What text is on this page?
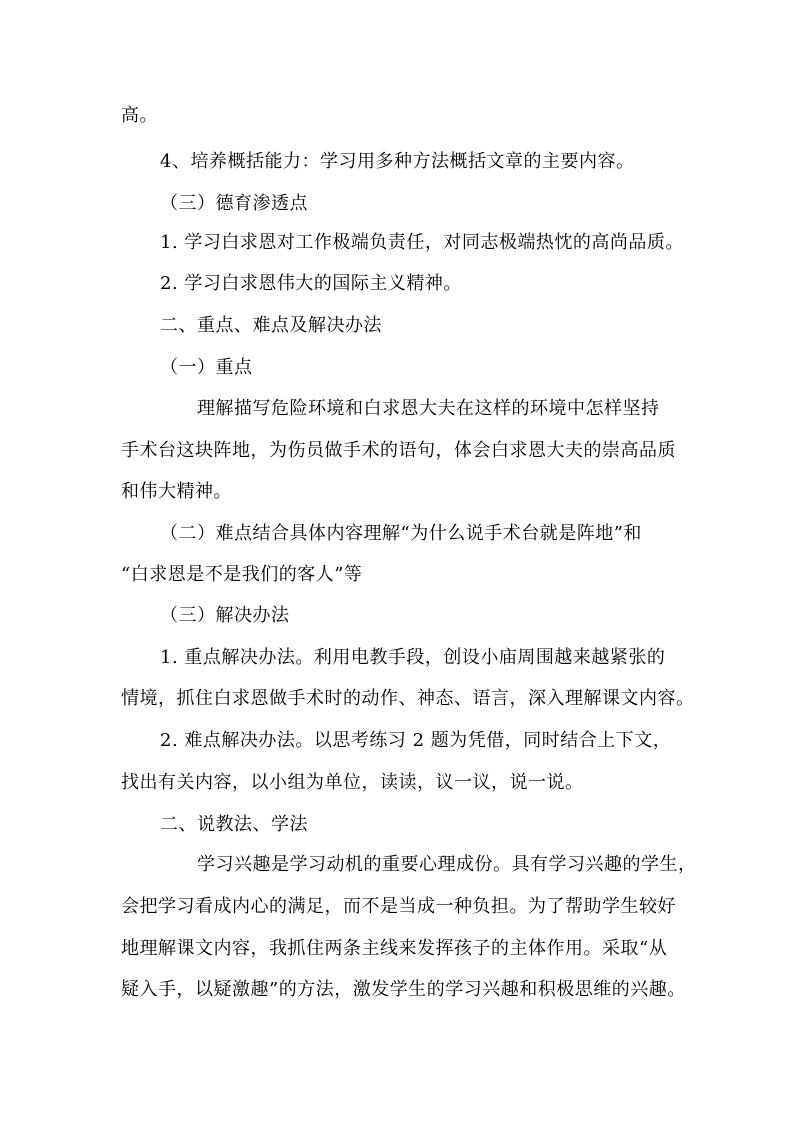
高。
4、培养概括能力：学习用多种方法概括文章的主要内容。
（三）德育渗透点
1. 学习白求恩对工作极端负责任，对同志极端热忱的高尚品质。
2. 学习白求恩伟大的国际主义精神。
二、重点、难点及解决办法
（一）重点
理解描写危险环境和白求恩大夫在这样的环境中怎样坚持
手术台这块阵地，为伤员做手术的语句，体会白求恩大夫的崇高品质
和伟大精神。
（二）难点结合具体内容理解“为什么说手术台就是阵地”和
“白求恩是不是我们的客人”等
（三）解决办法
1. 重点解决办法。利用电教手段，创设小庙周围越来越紧张的
情境，抓住白求恩做手术时的动作、神态、语言，深入理解课文内容。
2. 难点解决办法。以思考练习 2 题为凭借，同时结合上下文，
找出有关内容，以小组为单位，读读，议一议，说一说。
二、说教法、学法
学习兴趣是学习动机的重要心理成份。具有学习兴趣的学生，
会把学习看成内心的满足，而不是当成一种负担。为了帮助学生较好
地理解课文内容，我抓住两条主线来发挥孩子的主体作用。采取“从
疑入手，以疑激趣”的方法，激发学生的学习兴趣和积极思维的兴趣。
